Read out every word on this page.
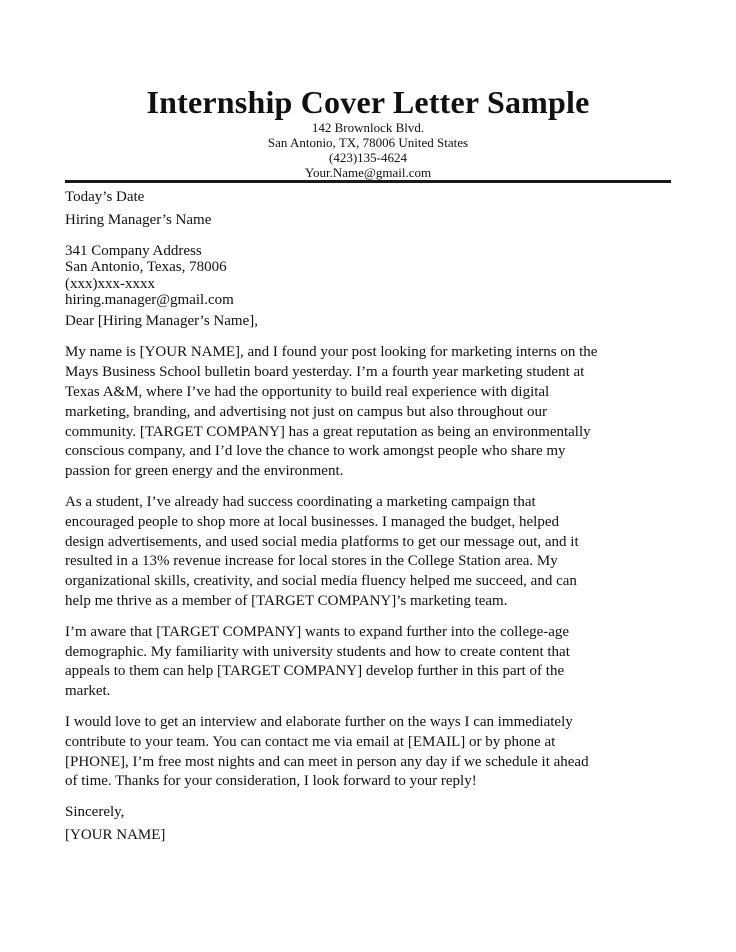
Internship Cover Letter Sample

142 Brownlock Blvd.

San Antonio, TX, 78006 United States

(423)135-4624

Your.Name@gmail.com

Today’s Date

Hiring Manager’s Name

341 Company Address

San Antonio, Texas, 78006

(xxx)xxx-xxxx

hiring.manager@gmail.com

Dear [Hiring Manager’s Name],

My name is [YOUR NAME], and I found your post looking for marketing interns on the

Mays Business School bulletin board yesterday. I’m a fourth year marketing student at

Texas A&M, where I’ve had the opportunity to build real experience with digital

marketing, branding, and advertising not just on campus but also throughout our

community. [TARGET COMPANY] has a great reputation as being an environmentally

conscious company, and I’d love the chance to work amongst people who share my

passion for green energy and the environment.

As a student, I’ve already had success coordinating a marketing campaign that

encouraged people to shop more at local businesses. I managed the budget, helped

design advertisements, and used social media platforms to get our message out, and it

resulted in a 13% revenue increase for local stores in the College Station area. My

organizational skills, creativity, and social media fluency helped me succeed, and can

help me thrive as a member of [TARGET COMPANY]’s marketing team.

I’m aware that [TARGET COMPANY] wants to expand further into the college-age

demographic. My familiarity with university students and how to create content that

appeals to them can help [TARGET COMPANY] develop further in this part of the

market.

I would love to get an interview and elaborate further on the ways I can immediately

contribute to your team. You can contact me via email at [EMAIL] or by phone at

[PHONE], I’m free most nights and can meet in person any day if we schedule it ahead

of time. Thanks for your consideration, I look forward to your reply!

Sincerely,

[YOUR NAME]
